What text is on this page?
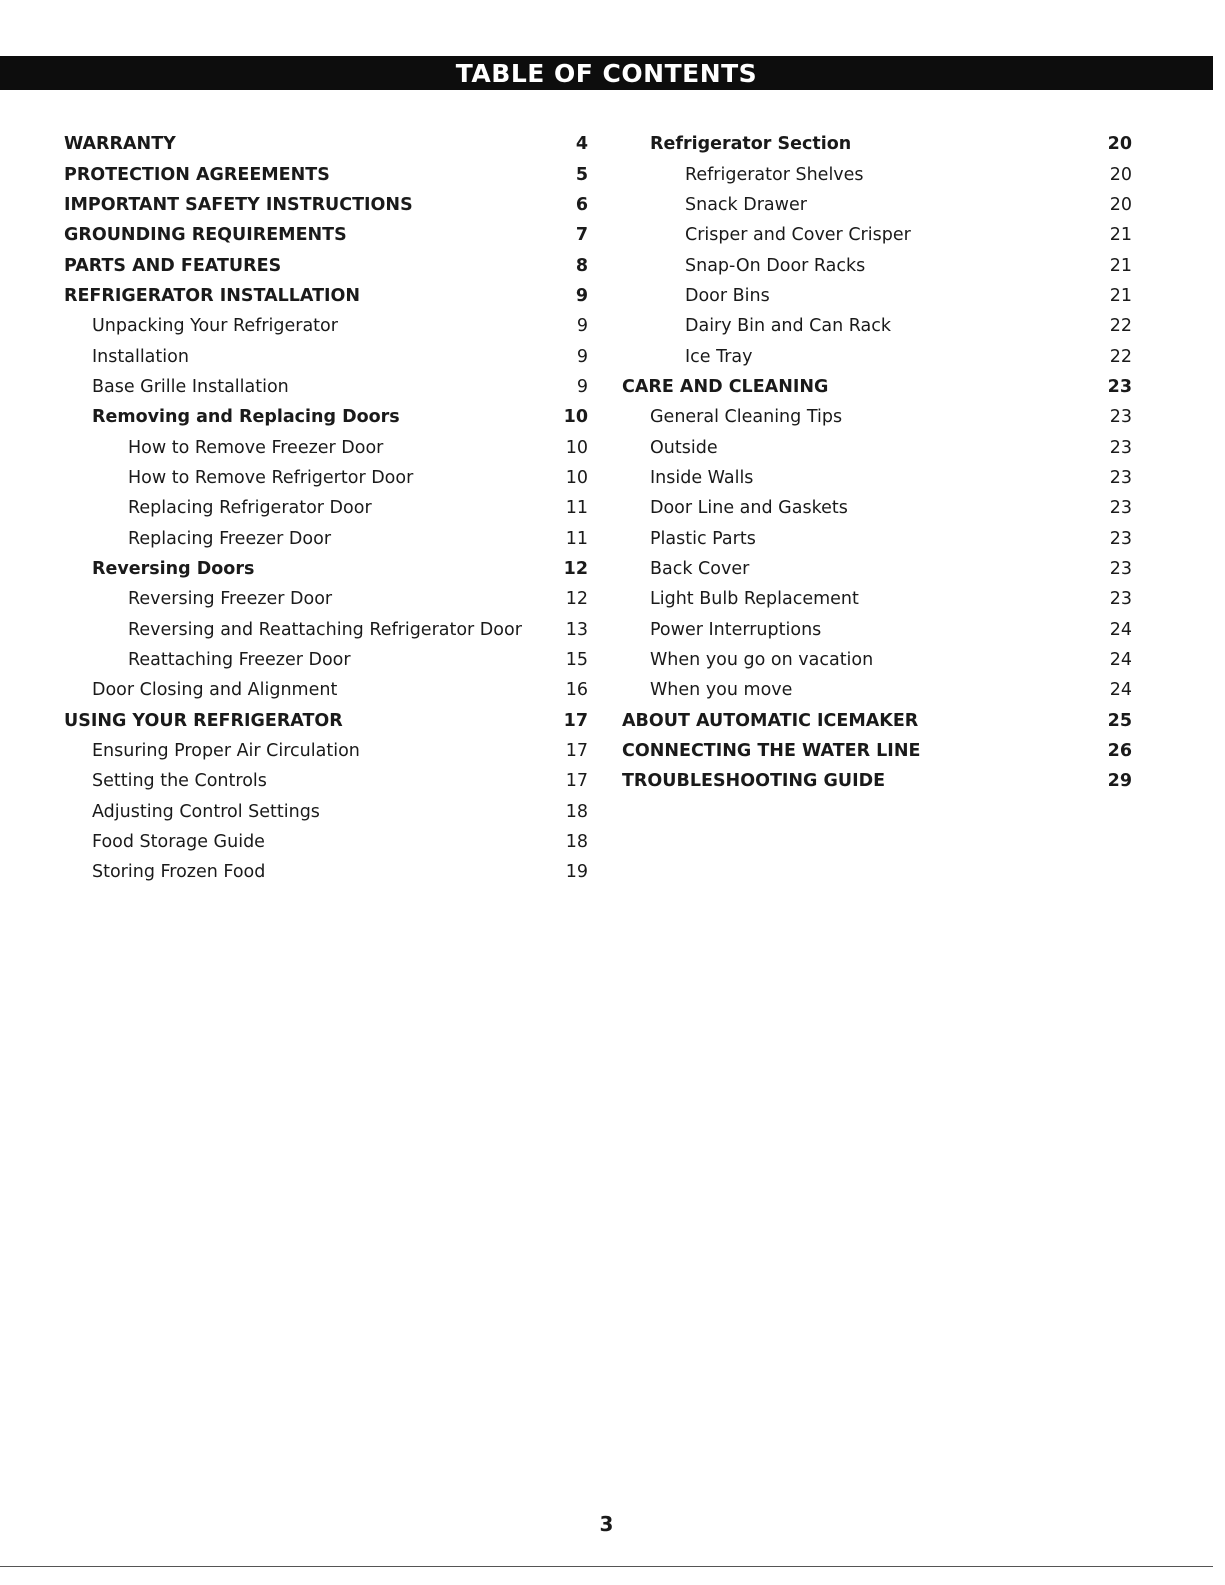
TABLE OF CONTENTS
WARRANTY	4
PROTECTION AGREEMENTS	5
IMPORTANT SAFETY INSTRUCTIONS	6
GROUNDING REQUIREMENTS	7
PARTS AND FEATURES	8
REFRIGERATOR INSTALLATION	9
Unpacking Your Refrigerator	9
Installation	9
Base Grille Installation	9
Removing and Replacing Doors	10
How to Remove Freezer Door	10
How to Remove Refrigertor Door	10
Replacing Refrigerator Door	11
Replacing Freezer Door	11
Reversing Doors	12
Reversing Freezer Door	12
Reversing and Reattaching Refrigerator Door	13
Reattaching Freezer Door	15
Door Closing and Alignment	16
USING YOUR REFRIGERATOR	17
Ensuring Proper Air Circulation	17
Setting the Controls	17
Adjusting Control Settings	18
Food Storage Guide	18
Storing Frozen Food	19
Refrigerator Section	20
Refrigerator Shelves	20
Snack Drawer	20
Crisper and Cover Crisper	21
Snap-On Door Racks	21
Door Bins	21
Dairy Bin and Can Rack	22
Ice Tray	22
CARE AND CLEANING	23
General Cleaning Tips	23
Outside	23
Inside Walls	23
Door Line and Gaskets	23
Plastic Parts	23
Back Cover	23
Light Bulb Replacement	23
Power Interruptions	24
When you go on vacation	24
When you move	24
ABOUT AUTOMATIC ICEMAKER	25
CONNECTING THE WATER LINE	26
TROUBLESHOOTING GUIDE	29
3
